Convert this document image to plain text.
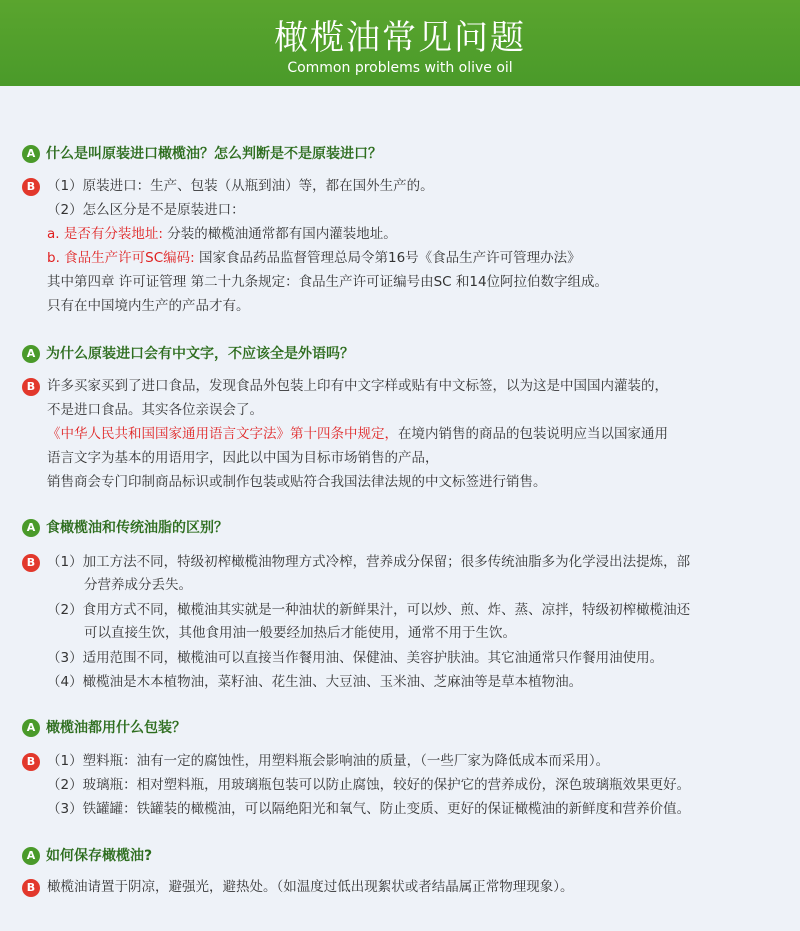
橄榄油常见问题
Common problems with olive oil
A 什么是叫原装进口橄榄油？怎么判断是不是原装进口？
B （1）原装进口：生产、包装（从瓶到油）等，都在国外生产的。
（2）怎么区分是不是原装进口：
a. 是否有分装地址: 分装的橄榄油通常都有国内灌装地址。
b. 食品生产许可SC编码: 国家食品药品监督管理总局令第16号《食品生产许可管理办法》
其中第四章 许可证管理 第二十九条规定：食品生产许可证编号由SC 和14位阿拉伯数字组成。
只有在中国境内生产的产品才有。
A 为什么原装进口会有中文字，不应该全是外语吗？
B 许多买家买到了进口食品，发现食品外包装上印有中文字样或贴有中文标签，以为这是中国国内灌装的，
不是进口食品。其实各位亲误会了。
《中华人民共和国国家通用语言文字法》第十四条中规定，在境内销售的商品的包装说明应当以国家通用
语言文字为基本的用语用字，因此以中国为目标市场销售的产品，
销售商会专门印制商品标识或制作包装或贴符合我国法律法规的中文标签进行销售。
A 食橄榄油和传统油脂的区别？
B （1）加工方法不同，特级初榨橄榄油物理方式冷榨，营养成分保留；很多传统油脂多为化学浸出法提炼，部
分营养成分丢失。
（2）食用方式不同，橄榄油其实就是一种油状的新鲜果汁，可以炒、煎、炸、蒸、凉拌，特级初榨橄榄油还
可以直接生饮，其他食用油一般要经加热后才能使用，通常不用于生饮。
（3）适用范围不同，橄榄油可以直接当作餐用油、保健油、美容护肤油。其它油通常只作餐用油使用。
（4）橄榄油是木本植物油，菜籽油、花生油、大豆油、玉米油、芝麻油等是草本植物油。
A 橄榄油都用什么包装？
B （1）塑料瓶：油有一定的腐蚀性，用塑料瓶会影响油的质量，（一些厂家为降低成本而采用）。
（2）玻璃瓶：相对塑料瓶，用玻璃瓶包装可以防止腐蚀，较好的保护它的营养成份，深色玻璃瓶效果更好。
（3）铁罐罐：铁罐装的橄榄油，可以隔绝阳光和氧气、防止变质、更好的保证橄榄油的新鲜度和营养价值。
A 如何保存橄榄油?
B 橄榄油请置于阴凉，避强光，避热处。（如温度过低出现絮状或者结晶属正常物理现象）。
